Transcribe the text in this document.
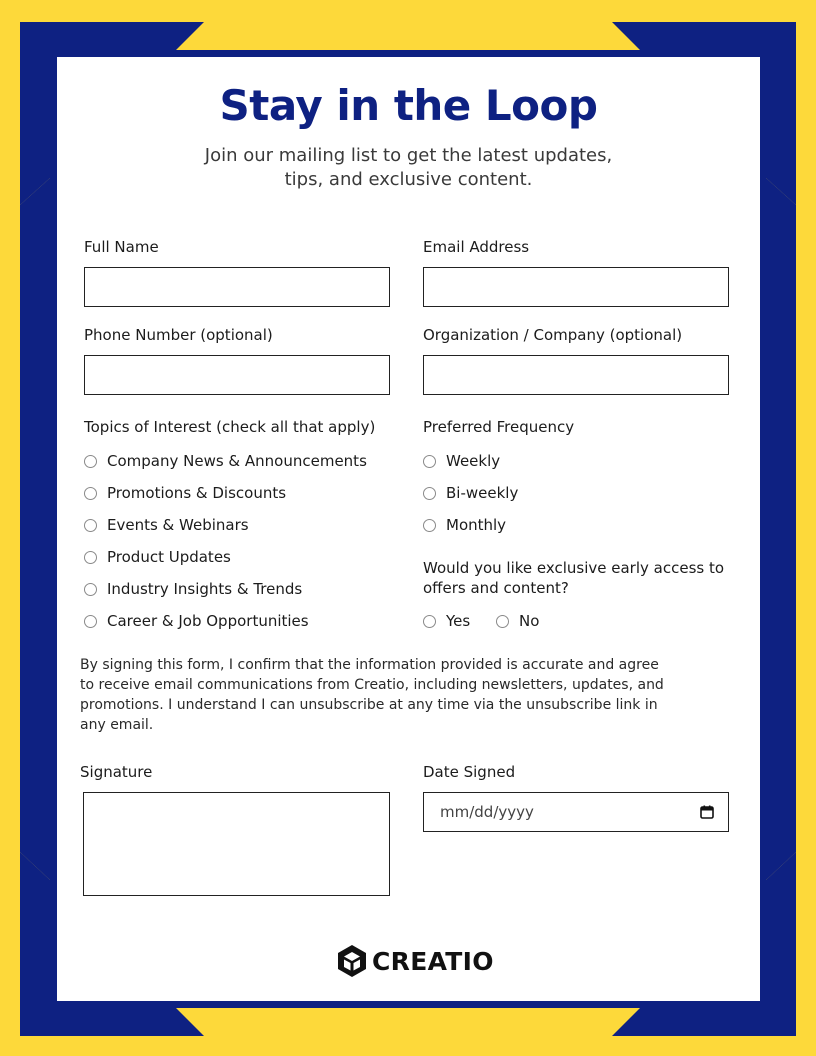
Stay in the Loop
Join our mailing list to get the latest updates,
tips, and exclusive content.
Full Name	Email Address
Phone Number (optional)	Organization / Company (optional)
Topics of Interest (check all that apply)
Company News & Announcements
Promotions & Discounts
Events & Webinars
Product Updates
Industry Insights & Trends
Career & Job Opportunities
Preferred Frequency
Weekly
Bi-weekly
Monthly
Would you like exclusive early access to
offers and content?
Yes	No
By signing this form, I confirm that the information provided is accurate and agree
to receive email communications from Creatio, including newsletters, updates, and
promotions. I understand I can unsubscribe at any time via the unsubscribe link in
any email.
Signature	Date Signed
mm/dd/yyyy
CREATIO
